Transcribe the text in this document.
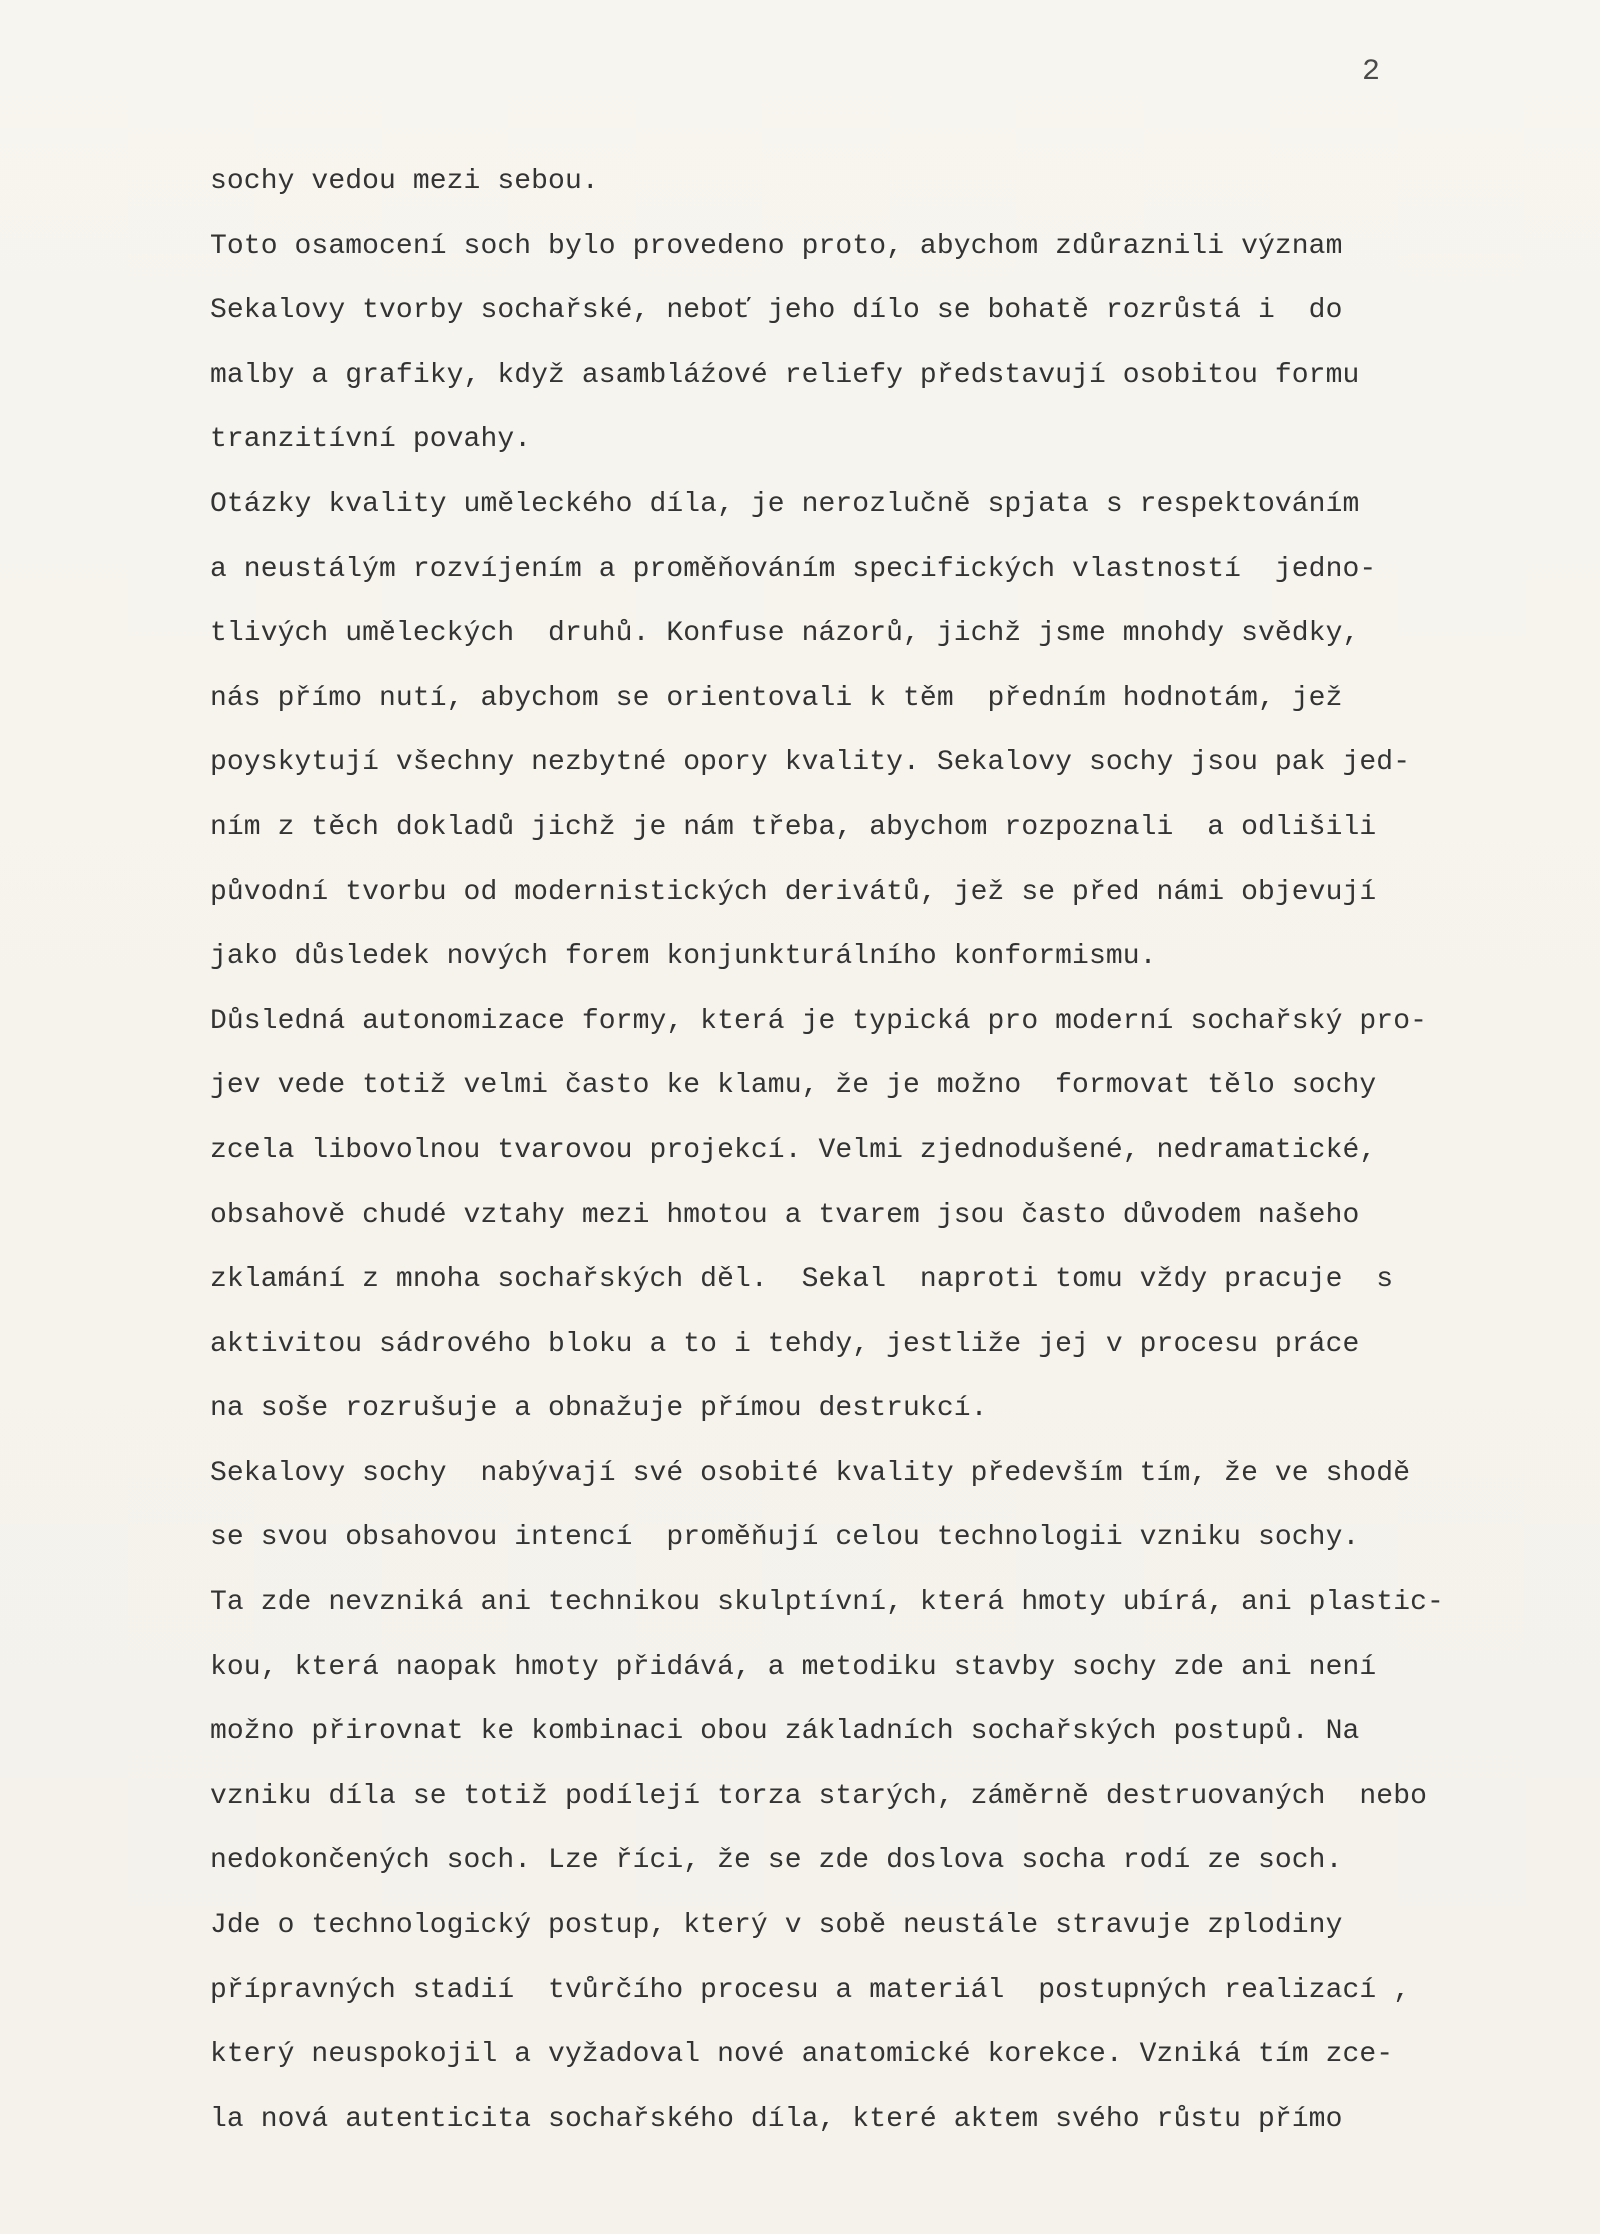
2
sochy vedou mezi sebou.
Toto osamocení soch bylo provedeno proto, abychom zdůraznili význam
Sekalovy tvorby sochařské, neboť jeho dílo se bohatě rozrůstá i  do
malby a grafiky, když asambláźové reliefy představují osobitou formu
tranzitívní povahy.
Otázky kvality uměleckého díla, je nerozlučně spjata s respektováním
a neustálým rozvíjením a proměňováním specifických vlastností  jedno-
tlivých uměleckých  druhů. Konfuse názorů, jichž jsme mnohdy svědky,
nás přímo nutí, abychom se orientovali k těm  předním hodnotám, jež
poyskytují všechny nezbytné opory kvality. Sekalovy sochy jsou pak jed-
ním z těch dokladů jichž je nám třeba, abychom rozpoznali  a odlišili
původní tvorbu od modernistických derivátů, jež se před námi objevují
jako důsledek nových forem konjunkturálního konformismu.
Důsledná autonomizace formy, která je typická pro moderní sochařský pro-
jev vede totiž velmi často ke klamu, že je možno  formovat tělo sochy
zcela libovolnou tvarovou projekcí. Velmi zjednodušené, nedramatické,
obsahově chudé vztahy mezi hmotou a tvarem jsou často důvodem našeho
zklamání z mnoha sochařských děl.  Sekal  naproti tomu vždy pracuje  s
aktivitou sádrového bloku a to i tehdy, jestliže jej v procesu práce
na soše rozrušuje a obnažuje přímou destrukcí.
Sekalovy sochy  nabývají své osobité kvality především tím, že ve shodě
se svou obsahovou intencí  proměňují celou technologii vzniku sochy.
Ta zde nevzniká ani technikou skulptívní, která hmoty ubírá, ani plastic-
kou, která naopak hmoty přidává, a metodiku stavby sochy zde ani není
možno přirovnat ke kombinaci obou základních sochařských postupů. Na
vzniku díla se totiž podílejí torza starých, záměrně destruovaných  nebo
nedokončených soch. Lze říci, že se zde doslova socha rodí ze soch.
Jde o technologický postup, který v sobě neustále stravuje zplodiny
přípravných stadií  tvůrčího procesu a materiál  postupných realizací ,
který neuspokojil a vyžadoval nové anatomické korekce. Vzniká tím zce-
la nová autenticita sochařského díla, které aktem svého růstu přímo
